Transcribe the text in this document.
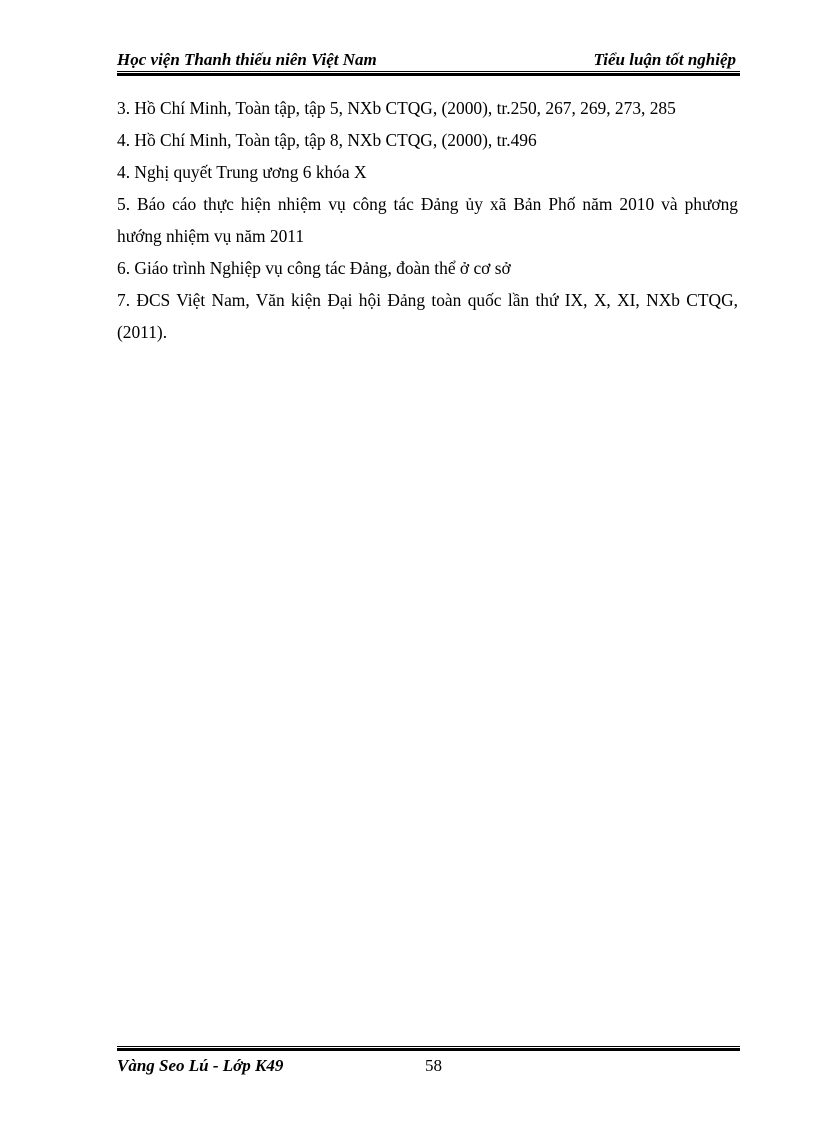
Học viện Thanh thiếu niên Việt Nam	Tiểu luận tốt nghiệp

3. Hồ Chí Minh, Toàn tập, tập 5, NXb CTQG, (2000), tr.250, 267, 269, 273, 285

4. Hồ Chí Minh, Toàn tập, tập 8, NXb CTQG, (2000), tr.496

4. Nghị quyết Trung ương 6 khóa X

5. Báo cáo thực hiện nhiệm vụ công tác Đảng ủy xã Bản Phố năm 2010 và phương hướng nhiệm vụ năm 2011

6. Giáo trình Nghiệp vụ công tác Đảng, đoàn thể ở cơ sở

7. ĐCS Việt Nam, Văn kiện Đại hội Đảng toàn quốc lần thứ IX, X, XI, NXb CTQG, (2011).

Vàng Seo Lú - Lớp K49	58
